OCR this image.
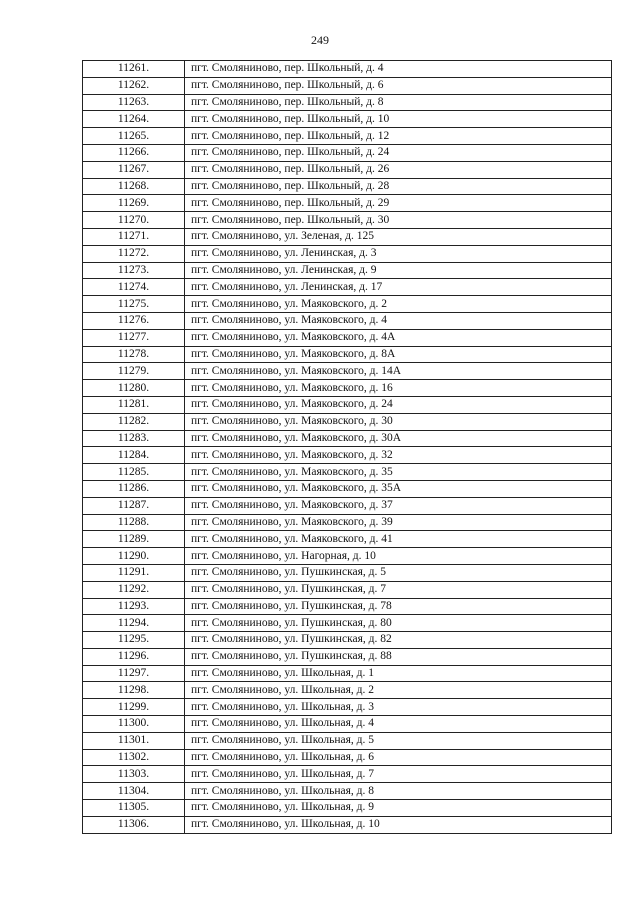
249
11261.	пгт. Смоляниново, пер. Школьный, д. 4
11262.	пгт. Смоляниново, пер. Школьный, д. 6
11263.	пгт. Смоляниново, пер. Школьный, д. 8
11264.	пгт. Смоляниново, пер. Школьный, д. 10
11265.	пгт. Смоляниново, пер. Школьный, д. 12
11266.	пгт. Смоляниново, пер. Школьный, д. 24
11267.	пгт. Смоляниново, пер. Школьный, д. 26
11268.	пгт. Смоляниново, пер. Школьный, д. 28
11269.	пгт. Смоляниново, пер. Школьный, д. 29
11270.	пгт. Смоляниново, пер. Школьный, д. 30
11271.	пгт. Смоляниново, ул. Зеленая, д. 125
11272.	пгт. Смоляниново, ул. Ленинская, д. 3
11273.	пгт. Смоляниново, ул. Ленинская, д. 9
11274.	пгт. Смоляниново, ул. Ленинская, д. 17
11275.	пгт. Смоляниново, ул. Маяковского, д. 2
11276.	пгт. Смоляниново, ул. Маяковского, д. 4
11277.	пгт. Смоляниново, ул. Маяковского, д. 4А
11278.	пгт. Смоляниново, ул. Маяковского, д. 8А
11279.	пгт. Смоляниново, ул. Маяковского, д. 14А
11280.	пгт. Смоляниново, ул. Маяковского, д. 16
11281.	пгт. Смоляниново, ул. Маяковского, д. 24
11282.	пгт. Смоляниново, ул. Маяковского, д. 30
11283.	пгт. Смоляниново, ул. Маяковского, д. 30А
11284.	пгт. Смоляниново, ул. Маяковского, д. 32
11285.	пгт. Смоляниново, ул. Маяковского, д. 35
11286.	пгт. Смоляниново, ул. Маяковского, д. 35А
11287.	пгт. Смоляниново, ул. Маяковского, д. 37
11288.	пгт. Смоляниново, ул. Маяковского, д. 39
11289.	пгт. Смоляниново, ул. Маяковского, д. 41
11290.	пгт. Смоляниново, ул. Нагорная, д. 10
11291.	пгт. Смоляниново, ул. Пушкинская, д. 5
11292.	пгт. Смоляниново, ул. Пушкинская, д. 7
11293.	пгт. Смоляниново, ул. Пушкинская, д. 78
11294.	пгт. Смоляниново, ул. Пушкинская, д. 80
11295.	пгт. Смоляниново, ул. Пушкинская, д. 82
11296.	пгт. Смоляниново, ул. Пушкинская, д. 88
11297.	пгт. Смоляниново, ул. Школьная, д. 1
11298.	пгт. Смоляниново, ул. Школьная, д. 2
11299.	пгт. Смоляниново, ул. Школьная, д. 3
11300.	пгт. Смоляниново, ул. Школьная, д. 4
11301.	пгт. Смоляниново, ул. Школьная, д. 5
11302.	пгт. Смоляниново, ул. Школьная, д. 6
11303.	пгт. Смоляниново, ул. Школьная, д. 7
11304.	пгт. Смоляниново, ул. Школьная, д. 8
11305.	пгт. Смоляниново, ул. Школьная, д. 9
11306.	пгт. Смоляниново, ул. Школьная, д. 10
